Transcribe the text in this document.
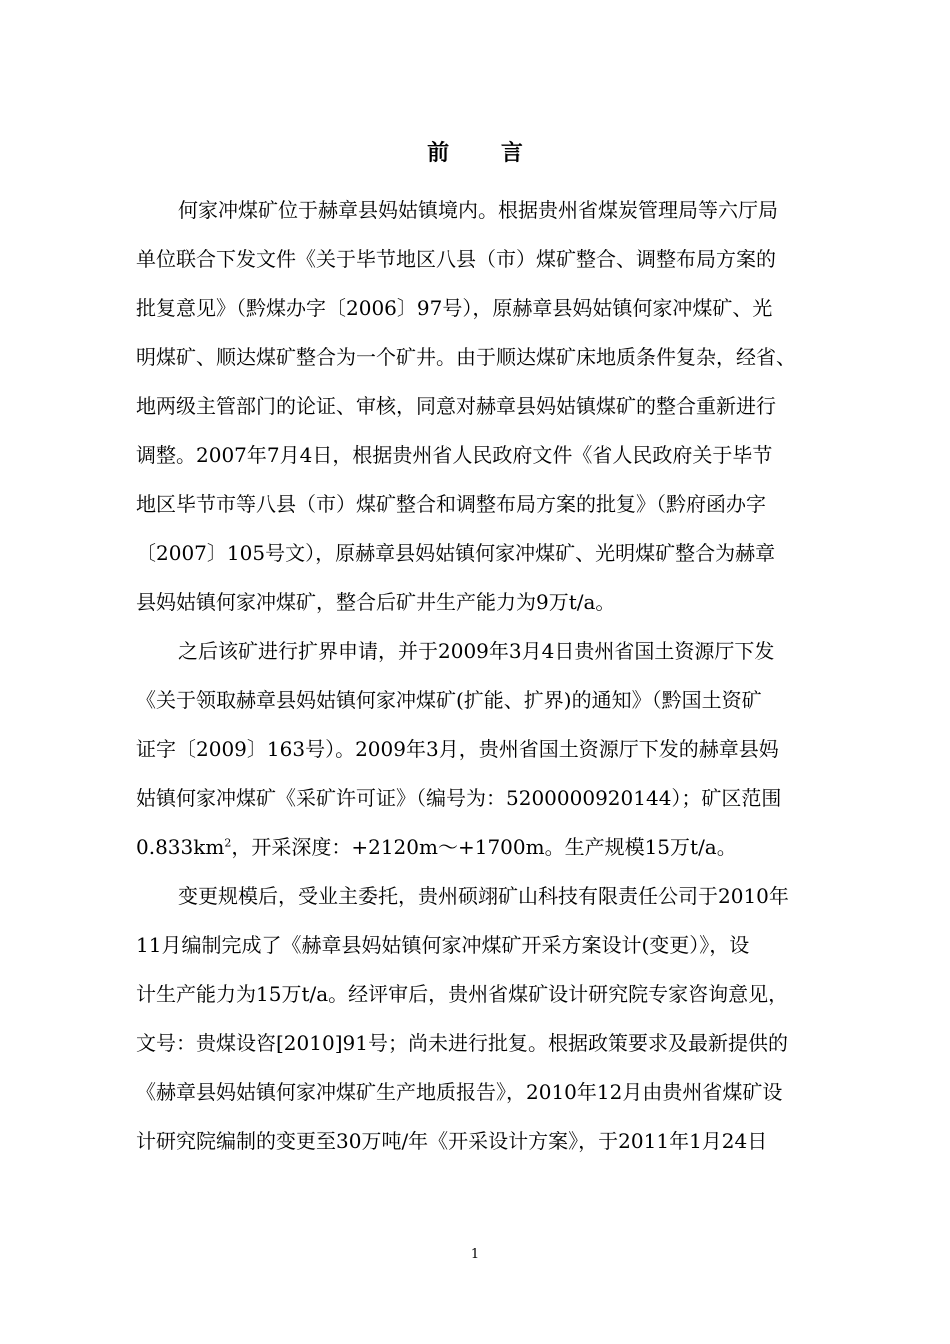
前 言
何家冲煤矿位于赫章县妈姑镇境内。根据贵州省煤炭管理局等六厅局
单位联合下发文件《关于毕节地区八县（市）煤矿整合、调整布局方案的
批复意见》（黔煤办字〔2006〕97号），原赫章县妈姑镇何家冲煤矿、光
明煤矿、顺达煤矿整合为一个矿井。由于顺达煤矿床地质条件复杂，经省、
地两级主管部门的论证、审核，同意对赫章县妈姑镇煤矿的整合重新进行
调整。2007年7月4日，根据贵州省人民政府文件《省人民政府关于毕节
地区毕节市等八县（市）煤矿整合和调整布局方案的批复》（黔府函办字
〔2007〕105号文），原赫章县妈姑镇何家冲煤矿、光明煤矿整合为赫章
县妈姑镇何家冲煤矿，整合后矿井生产能力为9万t/a。
之后该矿进行扩界申请，并于2009年3月4日贵州省国土资源厅下发
《关于领取赫章县妈姑镇何家冲煤矿(扩能、扩界)的通知》（黔国土资矿
证字〔2009〕163号）。2009年3月，贵州省国土资源厅下发的赫章县妈
姑镇何家冲煤矿《采矿许可证》（编号为：5200000920144）；矿区范围
$0.833km^2$，开采深度：+2120m～+1700m。生产规模15万t/a。
变更规模后，受业主委托，贵州硕翊矿山科技有限责任公司于2010年
11月编制完成了《赫章县妈姑镇何家冲煤矿开采方案设计(变更）》，设
计生产能力为15万t/a。经评审后，贵州省煤矿设计研究院专家咨询意见，
文号：贵煤设咨[2010]91号；尚未进行批复。根据政策要求及最新提供的
《赫章县妈姑镇何家冲煤矿生产地质报告》，2010年12月由贵州省煤矿设
计研究院编制的变更至30万吨/年《开采设计方案》，于2011年1月24日
1
